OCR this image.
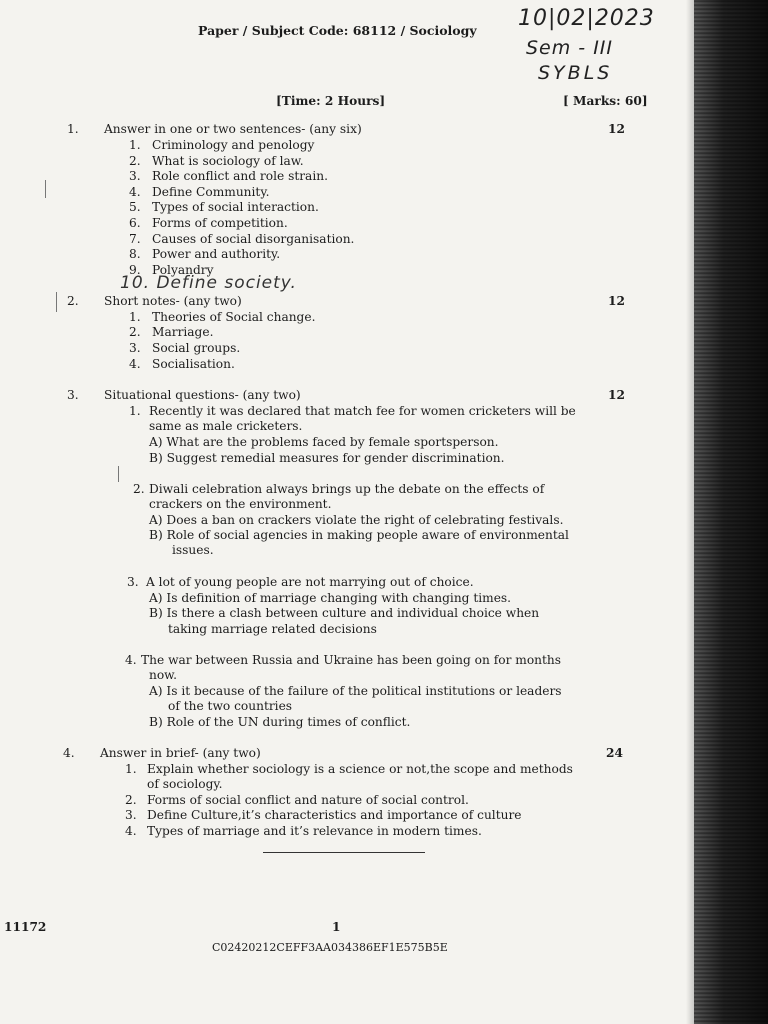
Paper / Subject Code: 68112 / Sociology
[Time: 2 Hours]	[ Marks: 60]
10|02|2023
Sem - III
SYBLS
1. Answer in one or two sentences- (any six)	12
1. Criminology and penology
2. What is sociology of law.
3. Role conflict and role strain.
4. Define Community.
5. Types of social interaction.
6. Forms of competition.
7. Causes of social disorganisation.
8. Power and authority.
9. Polyandry
10. Define society.
2. Short notes- (any two)	12
1. Theories of Social change.
2. Marriage.
3. Social groups.
4. Socialisation.
3. Situational questions- (any two)	12
1. Recently it was declared that match fee for women cricketers will be
same as male cricketers.
A) What are the problems faced by female sportsperson.
B) Suggest remedial measures for gender discrimination.
2. Diwali celebration always brings up the debate on the effects of
crackers on the environment.
A) Does a ban on crackers violate the right of celebrating festivals.
B) Role of social agencies in making people aware of environmental
issues.
3. A lot of young people are not marrying out of choice.
A) Is definition of marriage changing with changing times.
B) Is there a clash between culture and individual choice when
taking marriage related decisions
4. The war between Russia and Ukraine has been going on for months
now.
A) Is it because of the failure of the political institutions or leaders
of the two countries
B) Role of the UN during times of conflict.
4. Answer in brief- (any two)	24
1. Explain whether sociology is a science or not,the scope and methods
of sociology.
2. Forms of social conflict and nature of social control.
3. Define Culture,it’s characteristics and importance of culture
4. Types of marriage and it’s relevance in modern times.
11172	1
C02420212CEFF3AA034386EF1E575B5E
